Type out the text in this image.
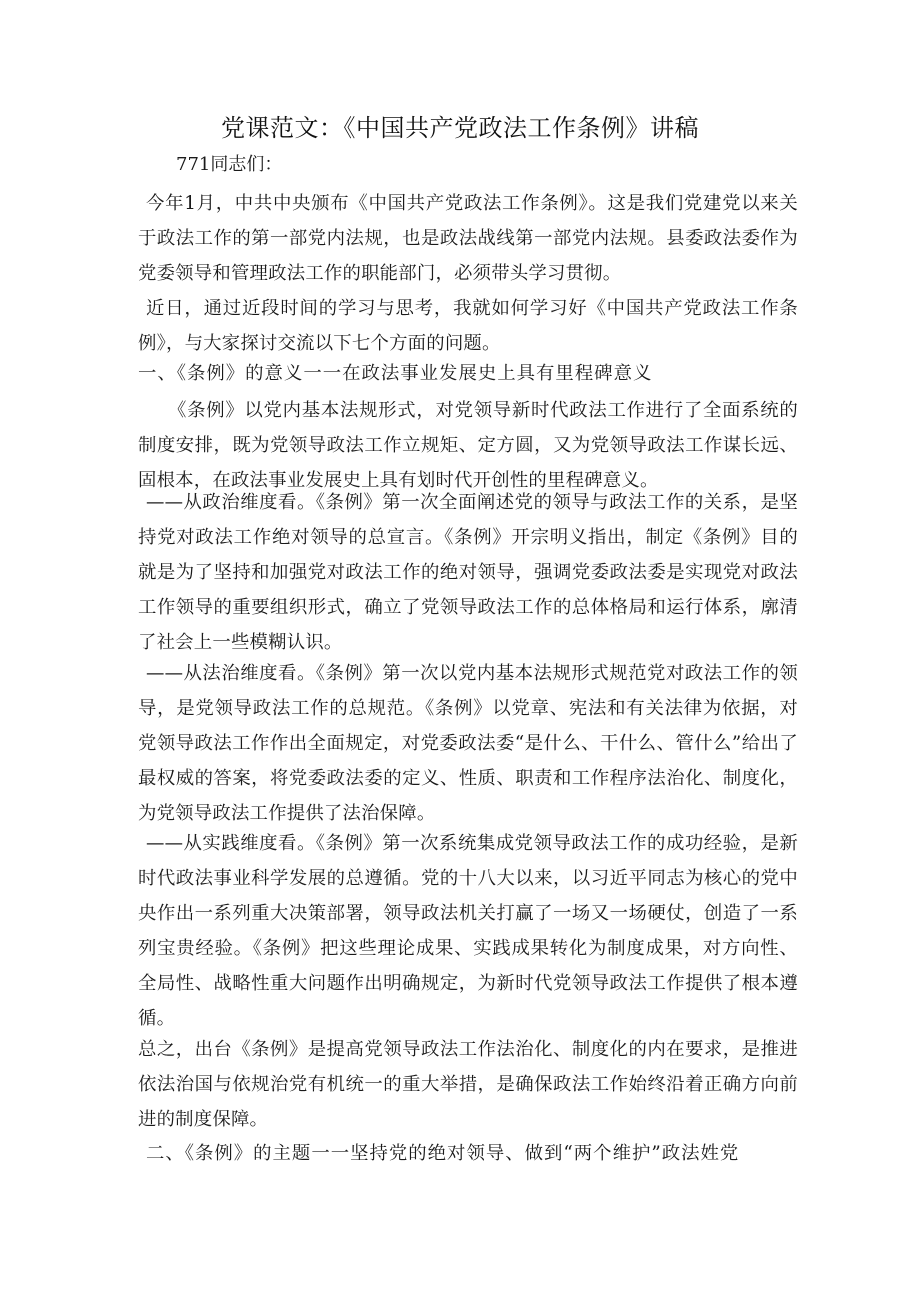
党课范文：《中国共产党政法工作条例》讲稿
771同志们：
今年1月，中共中央颁布《中国共产党政法工作条例》。这是我们党建党以来关于政法工作的第一部党内法规，也是政法战线第一部党内法规。县委政法委作为党委领导和管理政法工作的职能部门，必须带头学习贯彻。
近日，通过近段时间的学习与思考，我就如何学习好《中国共产党政法工作条例》，与大家探讨交流以下七个方面的问题。
一、《条例》的意义一一在政法事业发展史上具有里程碑意义
《条例》以党内基本法规形式，对党领导新时代政法工作进行了全面系统的制度安排，既为党领导政法工作立规矩、定方圆，又为党领导政法工作谋长远、固根本，在政法事业发展史上具有划时代开创性的里程碑意义。
——从政治维度看。《条例》第一次全面阐述党的领导与政法工作的关系，是坚持党对政法工作绝对领导的总宣言。《条例》开宗明义指出，制定《条例》目的就是为了坚持和加强党对政法工作的绝对领导，强调党委政法委是实现党对政法工作领导的重要组织形式，确立了党领导政法工作的总体格局和运行体系，廓清了社会上一些模糊认识。
——从法治维度看。《条例》第一次以党内基本法规形式规范党对政法工作的领导，是党领导政法工作的总规范。《条例》以党章、宪法和有关法律为依据，对党领导政法工作作出全面规定，对党委政法委“是什么、干什么、管什么”给出了最权威的答案，将党委政法委的定义、性质、职责和工作程序法治化、制度化，为党领导政法工作提供了法治保障。
——从实践维度看。《条例》第一次系统集成党领导政法工作的成功经验，是新时代政法事业科学发展的总遵循。党的十八大以来，以习近平同志为核心的党中央作出一系列重大决策部署，领导政法机关打赢了一场又一场硬仗，创造了一系列宝贵经验。《条例》把这些理论成果、实践成果转化为制度成果，对方向性、全局性、战略性重大问题作出明确规定，为新时代党领导政法工作提供了根本遵循。
总之，出台《条例》是提高党领导政法工作法治化、制度化的内在要求，是推进依法治国与依规治党有机统一的重大举措，是确保政法工作始终沿着正确方向前进的制度保障。
二、《条例》的主题一一坚持党的绝对领导、做到“两个维护”政法姓党
